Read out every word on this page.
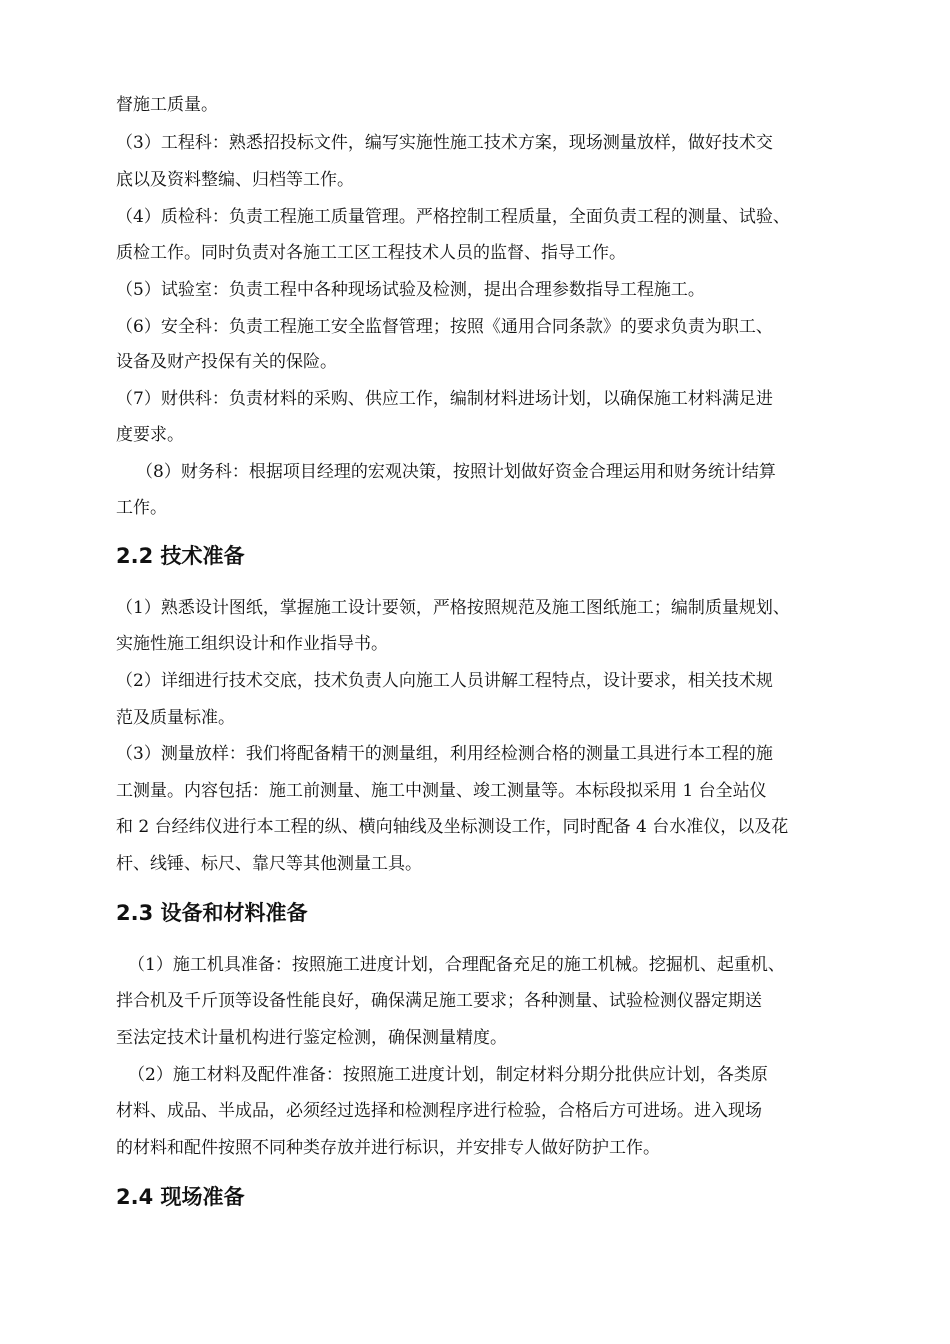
督施工质量。
（3）工程科：熟悉招投标文件，编写实施性施工技术方案，现场测量放样，做好技术交
底以及资料整编、归档等工作。
（4）质检科：负责工程施工质量管理。严格控制工程质量，全面负责工程的测量、试验、
质检工作。同时负责对各施工工区工程技术人员的监督、指导工作。
（5）试验室：负责工程中各种现场试验及检测，提出合理参数指导工程施工。
（6）安全科：负责工程施工安全监督管理；按照《通用合同条款》的要求负责为职工、
设备及财产投保有关的保险。
（7）财供科：负责材料的采购、供应工作，编制材料进场计划，以确保施工材料满足进
度要求。
（8）财务科：根据项目经理的宏观决策，按照计划做好资金合理运用和财务统计结算
工作。
2.2 技术准备
（1）熟悉设计图纸，掌握施工设计要领，严格按照规范及施工图纸施工；编制质量规划、
实施性施工组织设计和作业指导书。
（2）详细进行技术交底，技术负责人向施工人员讲解工程特点，设计要求，相关技术规
范及质量标准。
（3）测量放样：我们将配备精干的测量组，利用经检测合格的测量工具进行本工程的施
工测量。内容包括：施工前测量、施工中测量、竣工测量等。本标段拟采用 1 台全站仪
和 2 台经纬仪进行本工程的纵、横向轴线及坐标测设工作，同时配备 4 台水准仪，以及花
杆、线锤、标尺、靠尺等其他测量工具。
2.3 设备和材料准备
（1）施工机具准备：按照施工进度计划，合理配备充足的施工机械。挖掘机、起重机、
拌合机及千斤顶等设备性能良好，确保满足施工要求；各种测量、试验检测仪器定期送
至法定技术计量机构进行鉴定检测，确保测量精度。
（2）施工材料及配件准备：按照施工进度计划，制定材料分期分批供应计划，各类原
材料、成品、半成品，必须经过选择和检测程序进行检验，合格后方可进场。进入现场
的材料和配件按照不同种类存放并进行标识，并安排专人做好防护工作。
2.4 现场准备
